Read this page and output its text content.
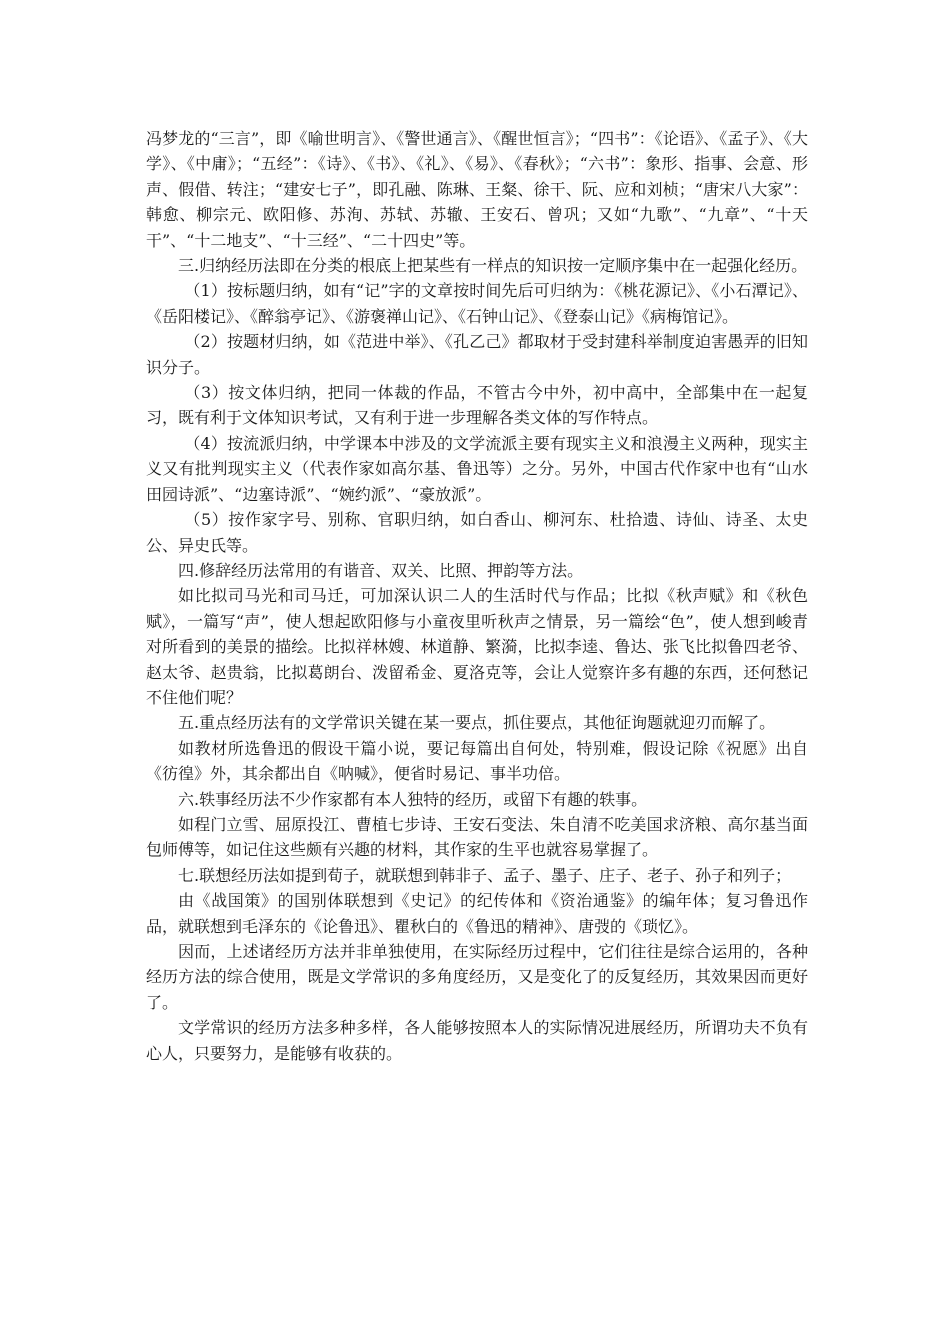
冯梦龙的“三言”，即《喻世明言》、《警世通言》、《醒世恒言》；“四书”：《论语》、《孟子》、《大学》、《中庸》；“五经”：《诗》、《书》、《礼》、《易》、《春秋》；“六书”：象形、指事、会意、形声、假借、转注；“建安七子”，即孔融、陈琳、王粲、徐干、阮、应和刘桢；“唐宋八大家”：韩愈、柳宗元、欧阳修、苏洵、苏轼、苏辙、王安石、曾巩；又如“九歌”、“九章”、“十天干”、“十二地支”、“十三经”、“二十四史”等。

三.归纳经历法即在分类的根底上把某些有一样点的知识按一定顺序集中在一起强化经历。

（1）按标题归纳，如有“记”字的文章按时间先后可归纳为：《桃花源记》、《小石潭记》、《岳阳楼记》、《醉翁亭记》、《游褒禅山记》、《石钟山记》、《登泰山记》《病梅馆记》。

（2）按题材归纳，如《范进中举》、《孔乙己》都取材于受封建科举制度迫害愚弄的旧知识分子。

（3）按文体归纳，把同一体裁的作品，不管古今中外，初中高中，全部集中在一起复习，既有利于文体知识考试，又有利于进一步理解各类文体的写作特点。

（4）按流派归纳，中学课本中涉及的文学流派主要有现实主义和浪漫主义两种，现实主义又有批判现实主义（代表作家如高尔基、鲁迅等）之分。另外，中国古代作家中也有“山水田园诗派”、“边塞诗派”、“婉约派”、“豪放派”。

（5）按作家字号、别称、官职归纳，如白香山、柳河东、杜拾遗、诗仙、诗圣、太史公、异史氏等。

四.修辞经历法常用的有谐音、双关、比照、押韵等方法。

如比拟司马光和司马迁，可加深认识二人的生活时代与作品；比拟《秋声赋》和《秋色赋》，一篇写“声”，使人想起欧阳修与小童夜里听秋声之情景，另一篇绘“色”，使人想到峻青对所看到的美景的描绘。比拟祥林嫂、林道静、繁漪，比拟李逵、鲁达、张飞比拟鲁四老爷、赵太爷、赵贵翁，比拟葛朗台、泼留希金、夏洛克等，会让人觉察许多有趣的东西，还何愁记不住他们呢？

五.重点经历法有的文学常识关键在某一要点，抓住要点，其他征询题就迎刃而解了。

如教材所选鲁迅的假设干篇小说，要记每篇出自何处，特别难，假设记除《祝愿》出自《彷徨》外，其余都出自《呐喊》，便省时易记、事半功倍。

六.轶事经历法不少作家都有本人独特的经历，或留下有趣的轶事。

如程门立雪、屈原投江、曹植七步诗、王安石变法、朱自清不吃美国求济粮、高尔基当面包师傅等，如记住这些颇有兴趣的材料，其作家的生平也就容易掌握了。

七.联想经历法如提到荀子，就联想到韩非子、孟子、墨子、庄子、老子、孙子和列子；

由《战国策》的国别体联想到《史记》的纪传体和《资治通鉴》的编年体；复习鲁迅作品，就联想到毛泽东的《论鲁迅》、瞿秋白的《鲁迅的精神》、唐弢的《琐忆》。

因而，上述诸经历方法并非单独使用，在实际经历过程中，它们往往是综合运用的，各种经历方法的综合使用，既是文学常识的多角度经历，又是变化了的反复经历，其效果因而更好了。

文学常识的经历方法多种多样，各人能够按照本人的实际情况进展经历，所谓功夫不负有心人，只要努力，是能够有收获的。
